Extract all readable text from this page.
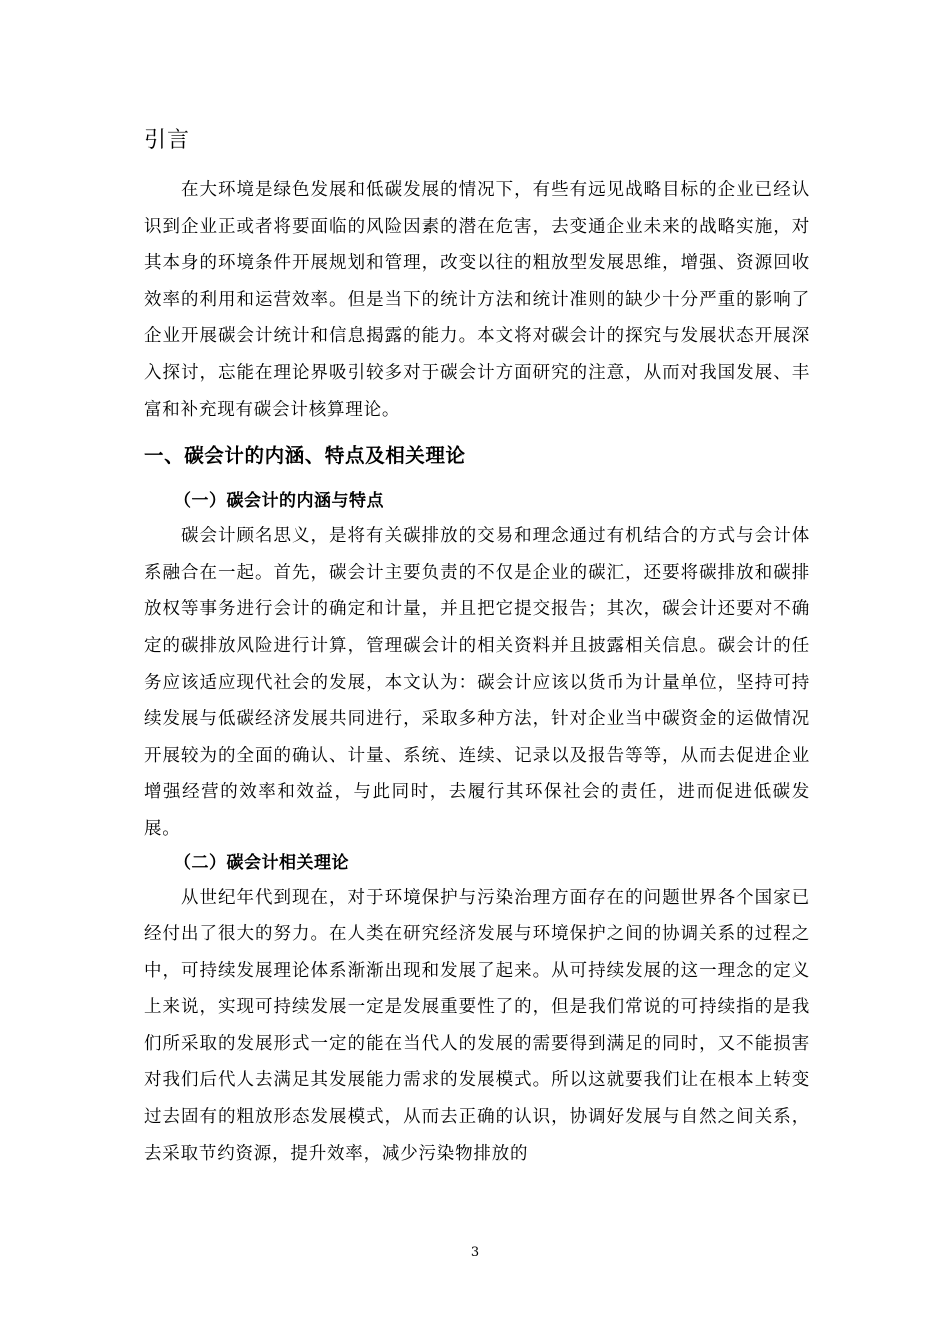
引言

在大环境是绿色发展和低碳发展的情况下，有些有远见战略目标的企业已经认识到企业正或者将要面临的风险因素的潜在危害，去变通企业未来的战略实施，对其本身的环境条件开展规划和管理，改变以往的粗放型发展思维，增强、资源回收效率的利用和运营效率。但是当下的统计方法和统计准则的缺少十分严重的影响了企业开展碳会计统计和信息揭露的能力。本文将对碳会计的探究与发展状态开展深入探讨，忘能在理论界吸引较多对于碳会计方面研究的注意，从而对我国发展、丰富和补充现有碳会计核算理论。

一、碳会计的内涵、特点及相关理论
（一）碳会计的内涵与特点

碳会计顾名思义，是将有关碳排放的交易和理念通过有机结合的方式与会计体系融合在一起。首先，碳会计主要负责的不仅是企业的碳汇，还要将碳排放和碳排放权等事务进行会计的确定和计量，并且把它提交报告；其次，碳会计还要对不确定的碳排放风险进行计算，管理碳会计的相关资料并且披露相关信息。碳会计的任务应该适应现代社会的发展，本文认为：碳会计应该以货币为计量单位，坚持可持续发展与低碳经济发展共同进行，采取多种方法，针对企业当中碳资金的运做情况开展较为的全面的确认、计量、系统、连续、记录以及报告等等，从而去促进企业增强经营的效率和效益，与此同时，去履行其环保社会的责任，进而促进低碳发展。

（二）碳会计相关理论

从世纪年代到现在，对于环境保护与污染治理方面存在的问题世界各个国家已经付出了很大的努力。在人类在研究经济发展与环境保护之间的协调关系的过程之中，可持续发展理论体系渐渐出现和发展了起来。从可持续发展的这一理念的定义上来说，实现可持续发展一定是发展重要性了的，但是我们常说的可持续指的是我们所采取的发展形式一定的能在当代人的发展的需要得到满足的同时，又不能损害对我们后代人去满足其发展能力需求的发展模式。所以这就要我们让在根本上转变过去固有的粗放形态发展模式，从而去正确的认识，协调好发展与自然之间关系，去采取节约资源，提升效率，减少污染物排放的

3
